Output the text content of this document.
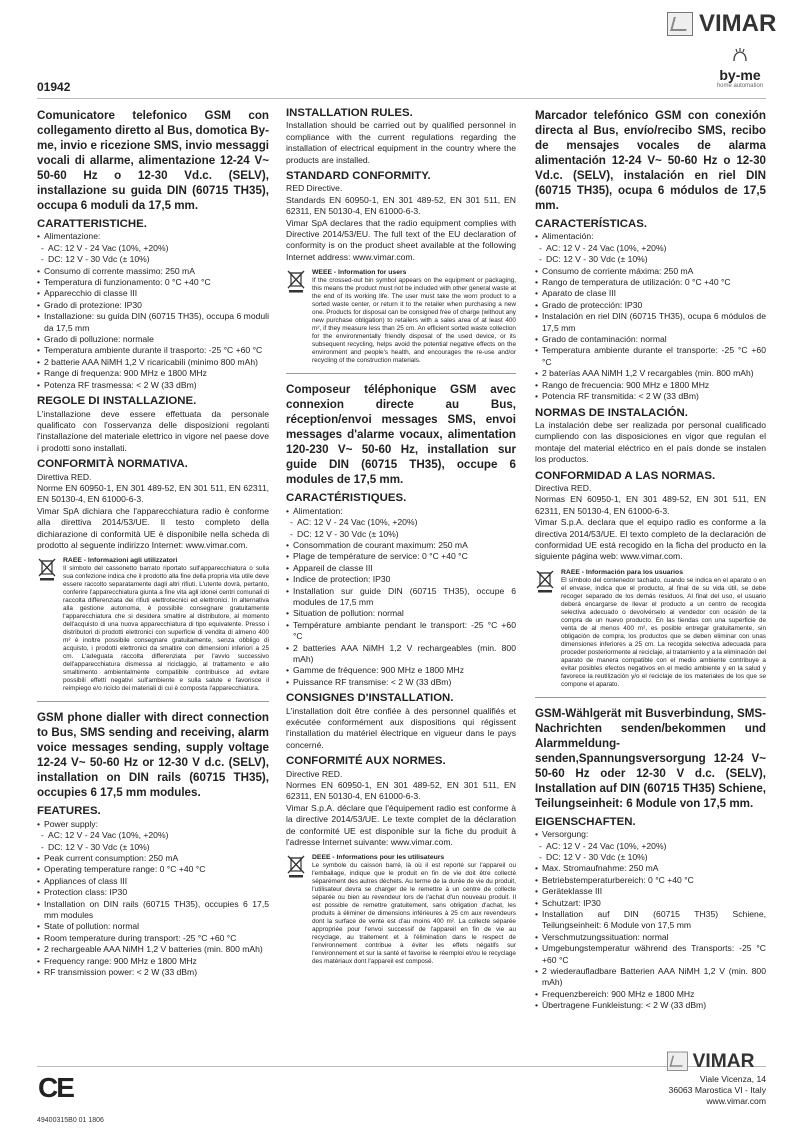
VIMAR
by-me
home automation
01942
Comunicatore telefonico GSM con collegamento diretto al Bus, domotica By-me, invio e ricezione SMS, invio messaggi vocali di allarme, alimentazione 12-24 V~ 50-60 Hz o 12-30 Vd.c. (SELV), installazione su guida DIN (60715 TH35), occupa 6 moduli da 17,5 mm.
CARATTERISTICHE.
• Alimentazione:
- AC: 12 V - 24 Vac (10%, +20%)
- DC: 12 V - 30 Vdc (± 10%)
• Consumo di corrente massimo: 250 mA
• Temperatura di funzionamento: 0 °C +40 °C
• Apparecchio di classe III
• Grado di protezione: IP30
• Installazione: su guida DIN (60715 TH35), occupa 6 moduli da 17,5 mm
• Grado di polluzione: normale
• Temperatura ambiente durante il trasporto: -25 °C +60 °C
• 2 batterie AAA NiMH 1,2 V ricaricabili (minimo 800 mAh)
• Range di frequenza: 900 MHz e 1800 MHz
• Potenza RF trasmessa: < 2 W (33 dBm)
REGOLE DI INSTALLAZIONE.

L'installazione deve essere effettuata da personale qualificato con l'osservanza delle disposizioni regolanti l'installazione del materiale elettrico in vigore nel paese dove i prodotti sono installati.

CONFORMITÀ NORMATIVA.

Direttiva RED.

Norme EN 60950-1, EN 301 489-52, EN 301 511, EN 62311, EN 50130-4, EN 61000-6-3.

Vimar SpA dichiara che l'apparecchiatura radio è conforme alla direttiva 2014/53/UE. Il testo completo della dichiarazione di conformità UE è disponibile nella scheda di prodotto al seguente indirizzo Internet: www.vimar.com.

RAEE - Informazioni agli utilizzatori
Il simbolo del cassonetto barrato riportato sull'apparecchiatura o sulla sua confezione indica che il prodotto alla fine della propria vita utile deve essere raccolto separatamente dagli altri rifiuti. L'utente dovrà, pertanto, conferire l'apparecchiatura giunta a fine vita agli idonei centri comunali di raccolta differenziata dei rifiuti elettrotecnici ed elettronici. In alternativa alla gestione autonoma, è possibile consegnare gratuitamente l'apparecchiatura che si desidera smaltire al distributore, al momento dell'acquisto di una nuova apparecchiatura di tipo equivalente. Presso i distributori di prodotti elettronici con superficie di vendita di almeno 400 m² è inoltre possibile consegnare gratuitamente, senza obbligo di acquisto, i prodotti elettronici da smaltire con dimensioni inferiori a 25 cm. L'adeguata raccolta differenziata per l'avvio successivo dell'apparecchiatura dismessa al riciclaggio, al trattamento e allo smaltimento ambientalmente compatibile contribuisce ad evitare possibili effetti negativi sull'ambiente e sulla salute e favorisce il reimpiego e/o riciclo dei materiali di cui è composta l'apparecchiatura.
GSM phone dialler with direct connection to Bus, SMS sending and receiving, alarm voice messages sending, supply voltage 12-24 V~ 50-60 Hz or 12-30 V d.c. (SELV), installation on DIN rails (60715 TH35), occupies 6 17,5 mm modules.
FEATURES.
• Power supply:
- AC: 12 V - 24 Vac (10%, +20%)
- DC: 12 V - 30 Vdc (± 10%)
• Peak current consumption: 250 mA
• Operating temperature range: 0 °C +40 °C
• Appliances of class III
• Protection class: IP30
• Installation on DIN rails (60715 TH35), occupies 6 17,5 mm modules
• State of pollution: normal
• Room temperature during transport: -25 °C +60 °C
• 2 rechargeable AAA NiMH 1,2 V batteries (min. 800 mAh)
• Frequency range: 900 MHz e 1800 MHz
• RF transmission power: < 2 W (33 dBm)
INSTALLATION RULES.

Installation should be carried out by qualified personnel in compliance with the current regulations regarding the installation of electrical equipment in the country where the products are installed.

STANDARD CONFORMITY.

RED Directive.

Standards EN 60950-1, EN 301 489-52, EN 301 511, EN 62311, EN 50130-4, EN 61000-6-3.

Vimar SpA declares that the radio equipment complies with Directive 2014/53/EU. The full text of the EU declaration of conformity is on the product sheet available at the following Internet address: www.vimar.com.

WEEE - Information for users
If the crossed-out bin symbol appears on the equipment or packaging, this means the product must not be included with other general waste at the end of its working life. The user must take the worn product to a sorted waste center, or return it to the retailer when purchasing a new one. Products for disposal can be consigned free of charge (without any new purchase obligation) to retailers with a sales area of at least 400 m², if they measure less than 25 cm. An efficient sorted waste collection for the environmentally friendly disposal of the used device, or its subsequent recycling, helps avoid the potential negative effects on the environment and people's health, and encourages the re-use and/or recycling of the construction materials.
Composeur téléphonique GSM avec connexion directe au Bus, réception/envoi messages SMS, envoi messages d'alarme vocaux, alimentation 120-230 V~ 50-60 Hz, installation sur guide DIN (60715 TH35), occupe 6 modules de 17,5 mm.
CARACTÉRISTIQUES.
• Alimentation:
- AC: 12 V - 24 Vac (10%, +20%)
- DC: 12 V - 30 Vdc (± 10%)
• Consommation de courant maximum: 250 mA
• Plage de température de service: 0 °C +40 °C
• Appareil de classe III
• Indice de protection: IP30
• Installation sur guide DIN (60715 TH35), occupe 6 modules de 17,5 mm
• Situation de pollution: normal
• Température ambiante pendant le transport: -25 °C +60 °C
• 2 batteries AAA NiMH 1,2 V rechargeables (min. 800 mAh)
• Gamme de fréquence: 900 MHz e 1800 MHz
• Puissance RF transmise: < 2 W (33 dBm)
CONSIGNES D'INSTALLATION.

L'installation doit être confiée à des personnel qualifiés et exécutée conformément aux dispositions qui régissent l'installation du matériel électrique en vigueur dans le pays concerné.

CONFORMITÉ AUX NORMES.

Directive RED.

Normes EN 60950-1, EN 301 489-52, EN 301 511, EN 62311, EN 50130-4, EN 61000-6-3.

Vimar S.p.A. déclare que l'équipement radio est conforme à la directive 2014/53/UE. Le texte complet de la déclaration de conformité UE est disponible sur la fiche du produit à l'adresse Internet suivante: www.vimar.com.

DEEE - Informations pour les utilisateurs
Le symbole du caisson barré, là où il est reporté sur l'appareil ou l'emballage, indique que le produit en fin de vie doit être collecté séparément des autres déchets. Au terme de la durée de vie du produit, l'utilisateur devra se charger de le remettre à un centre de collecte séparée ou bien au revendeur lors de l'achat d'un nouveau produit. Il est possible de remettre gratuitement, sans obligation d'achat, les produits à éliminer de dimensions inférieures à 25 cm aux revendeurs dont la surface de vente est d'au moins 400 m². La collecte séparée appropriée pour l'envoi successif de l'appareil en fin de vie au recyclage, au traitement et à l'élimination dans le respect de l'environnement contribue à éviter les effets négatifs sur l'environnement et sur la santé et favorise le réemploi et/ou le recyclage des matériaux dont l'appareil est composé.
Marcador telefónico GSM con conexión directa al Bus, envío/recibo SMS, recibo de mensajes vocales de alarma alimentación 12-24 V~ 50-60 Hz o 12-30 Vd.c. (SELV), instalación en riel DIN (60715 TH35), ocupa 6 módulos de 17,5 mm.
CARACTERÍSTICAS.
• Alimentación:
- AC: 12 V - 24 Vac (10%, +20%)
- DC: 12 V - 30 Vdc (± 10%)
• Consumo de corriente máxima: 250 mA
• Rango de temperatura de utilización: 0 °C +40 °C
• Aparato de clase III
• Grado de protección: IP30
• Instalación en riel DIN (60715 TH35), ocupa 6 módulos de 17,5 mm
• Grado de contaminación: normal
• Temperatura ambiente durante el transporte: -25 °C +60 °C
• 2 baterías AAA NiMH 1,2 V recargables (min. 800 mAh)
• Rango de frecuencia: 900 MHz e 1800 MHz
• Potencia RF transmitida: < 2 W (33 dBm)
NORMAS DE INSTALACIÓN.

La instalación debe ser realizada por personal cualificado cumpliendo con las disposiciones en vigor que regulan el montaje del material eléctrico en el país donde se instalen los productos.

CONFORMIDAD A LAS NORMAS.

Directiva RED.

Normas EN 60950-1, EN 301 489-52, EN 301 511, EN 62311, EN 50130-4, EN 61000-6-3.

Vimar S.p.A. declara que el equipo radio es conforme a la directiva 2014/53/UE. El texto completo de la declaración de conformidad UE está recogido en la ficha del producto en la siguiente página web: www.vimar.com.

RAEE - Información para los usuarios
El símbolo del contenedor tachado, cuando se indica en el aparato o en el envase, indica que el producto, al final de su vida útil, se debe recoger separado de los demás residuos. Al final del uso, el usuario deberá encargarse de llevar el producto a un centro de recogida selectiva adecuado o devolvérselo al vendedor con ocasión de la compra de un nuevo producto. En las tiendas con una superficie de venta de al menos 400 m², es posible entregar gratuitamente, sin obligación de compra, los productos que se deben eliminar con unas dimensiones inferiores a 25 cm. La recogida selectiva adecuada para proceder posteriormente al reciclaje, al tratamiento y a la eliminación del aparato de manera compatible con el medio ambiente contribuye a evitar posibles efectos negativos en el medio ambiente y en la salud y favorece la reutilización y/o el reciclaje de los materiales de los que se compone el aparato.
GSM-Wählgerät mit Busverbindung, SMS-Nachrichten senden/bekommen und Alarmmeldung-senden,Spannungsversorgung 12-24 V~ 50-60 Hz oder 12-30 V d.c. (SELV), Installation auf DIN (60715 TH35) Schiene, Teilungseinheit: 6 Module von 17,5 mm.
EIGENSCHAFTEN.
• Versorgung:
- AC: 12 V - 24 Vac (10%, +20%)
- DC: 12 V - 30 Vdc (± 10%)
• Max. Stromaufnahme: 250 mA
• Betriebstemperaturbereich: 0 °C +40 °C
• Geräteklasse III
• Schutzart: IP30
• Installation auf DIN (60715 TH35) Schiene, Teilungseinheit: 6 Module von 17,5 mm
• Verschmutzungssituation: normal
• Umgebungstemperatur während des Transports: -25 °C +60 °C
• 2 wiederaufladbare Batterien AAA NiMH 1,2 V (min. 800 mAh)
• Frequenzbereich: 900 MHz e 1800 MHz
• Übertragene Funkleistung: < 2 W (33 dBm)
CE
VIMAR
Viale Vicenza, 14
36063 Marostica VI - Italy
www.vimar.com
49400315B0 01 1806
